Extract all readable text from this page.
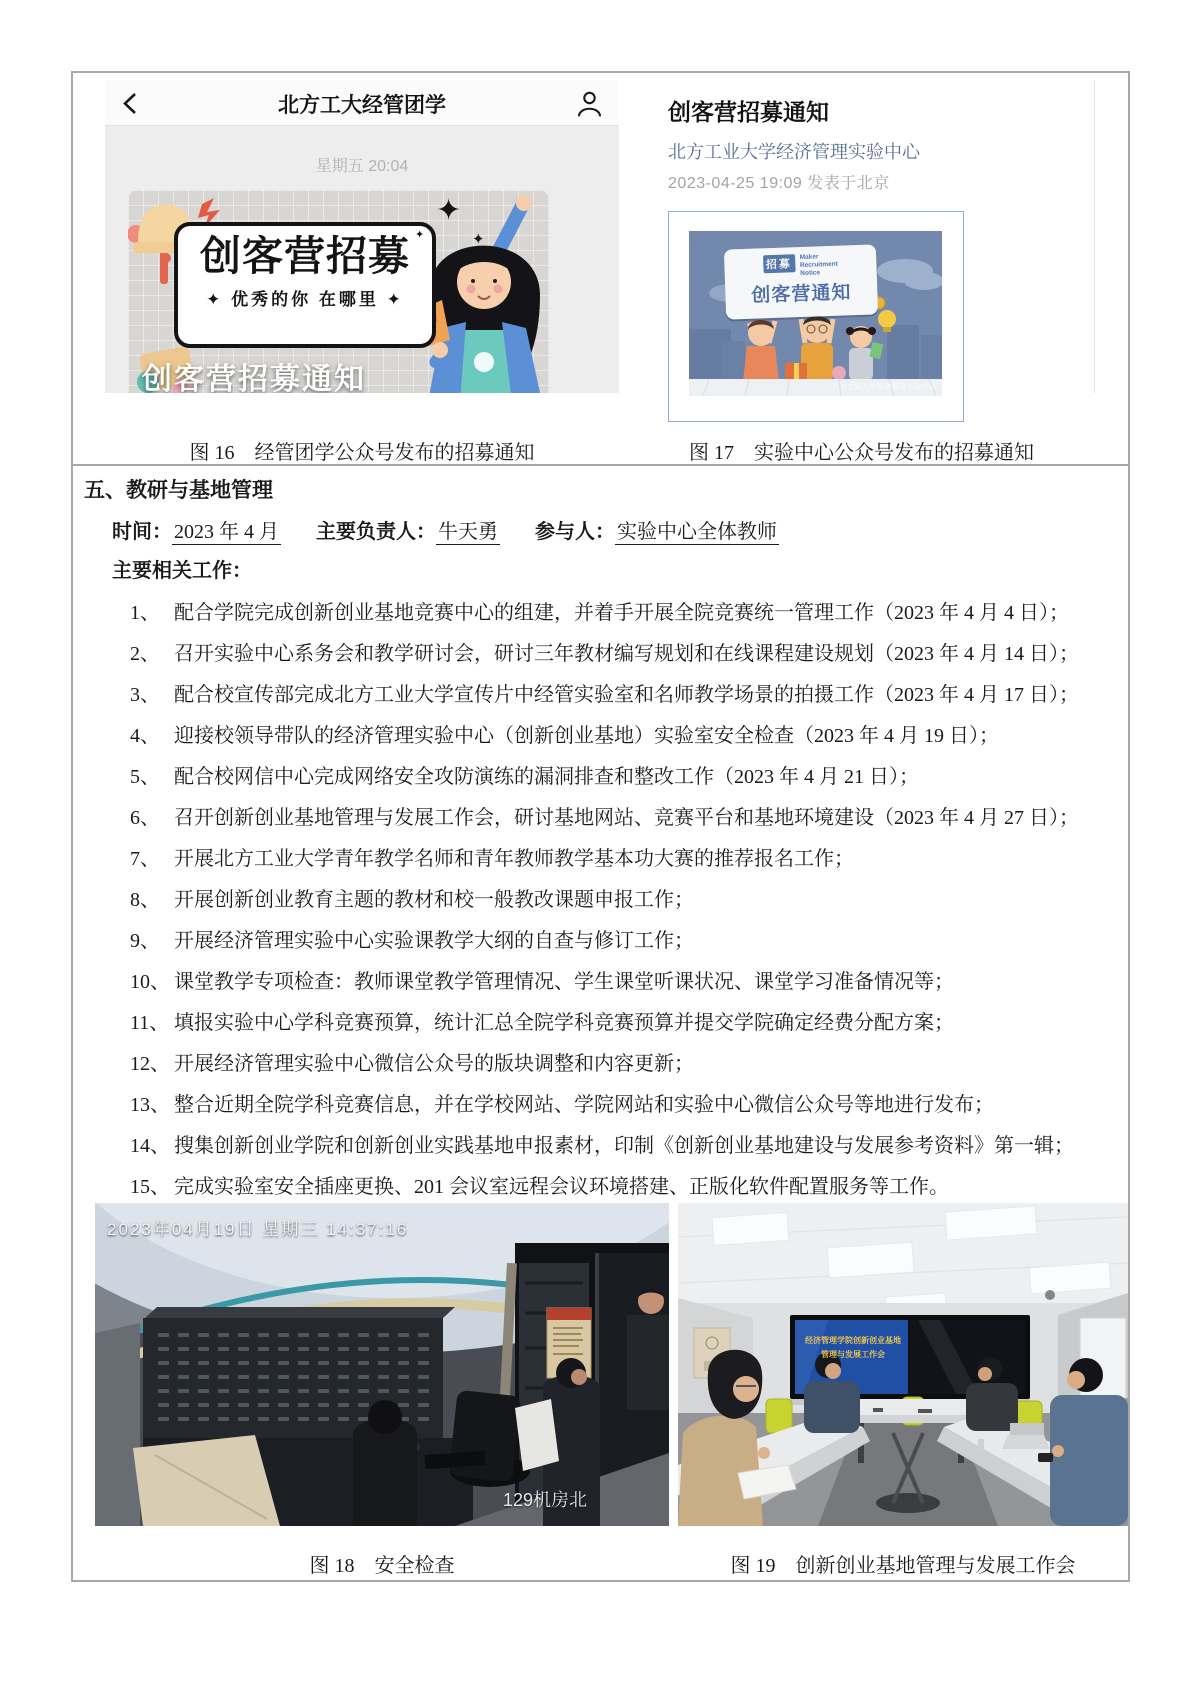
北方工大经管团学
星期五 20:04
创客营招募
✦ 优秀的你 在哪里 ✦
✦
✦
✦
创客营招募通知
图 16　经管团学公众号发布的招募通知
创客营招募通知
北方工业大学经济管理实验中心
2023-04-25 19:09 发表于北京
招募
Maker
Recruitment
Notice
创客营通知
北方工业大学经济管理实验中心
图 17　实验中心公众号发布的招募通知
五、教研与基地管理
时间： 2023 年 4 月 主要负责人： 牛天勇 参与人： 实验中心全体教师
主要相关工作：
1、 配合学院完成创新创业基地竞赛中心的组建，并着手开展全院竞赛统一管理工作（2023 年 4 月 4 日）；
2、 召开实验中心系务会和教学研讨会，研讨三年教材编写规划和在线课程建设规划（2023 年 4 月 14 日）；
3、 配合校宣传部完成北方工业大学宣传片中经管实验室和名师教学场景的拍摄工作（2023 年 4 月 17 日）；
4、 迎接校领导带队的经济管理实验中心（创新创业基地）实验室安全检查（2023 年 4 月 19 日）；
5、 配合校网信中心完成网络安全攻防演练的漏洞排查和整改工作（2023 年 4 月 21 日）；
6、 召开创新创业基地管理与发展工作会，研讨基地网站、竞赛平台和基地环境建设（2023 年 4 月 27 日）；
7、 开展北方工业大学青年教学名师和青年教师教学基本功大赛的推荐报名工作；
8、 开展创新创业教育主题的教材和校一般教改课题申报工作；
9、 开展经济管理实验中心实验课教学大纲的自查与修订工作；
10、 课堂教学专项检查：教师课堂教学管理情况、学生课堂听课状况、课堂学习准备情况等；
11、 填报实验中心学科竞赛预算，统计汇总全院学科竞赛预算并提交学院确定经费分配方案；
12、 开展经济管理实验中心微信公众号的版块调整和内容更新；
13、 整合近期全院学科竞赛信息，并在学校网站、学院网站和实验中心微信公众号等地进行发布；
14、 搜集创新创业学院和创新创业实践基地申报素材，印制《创新创业基地建设与发展参考资料》第一辑；
15、 完成实验室安全插座更换、201 会议室远程会议环境搭建、正版化软件配置服务等工作。
2023年04月19日 星期三 14:37:16
129机房北
图 18　安全检查
经济管理学院创新创业基地
管理与发展工作会
图 19　创新创业基地管理与发展工作会
